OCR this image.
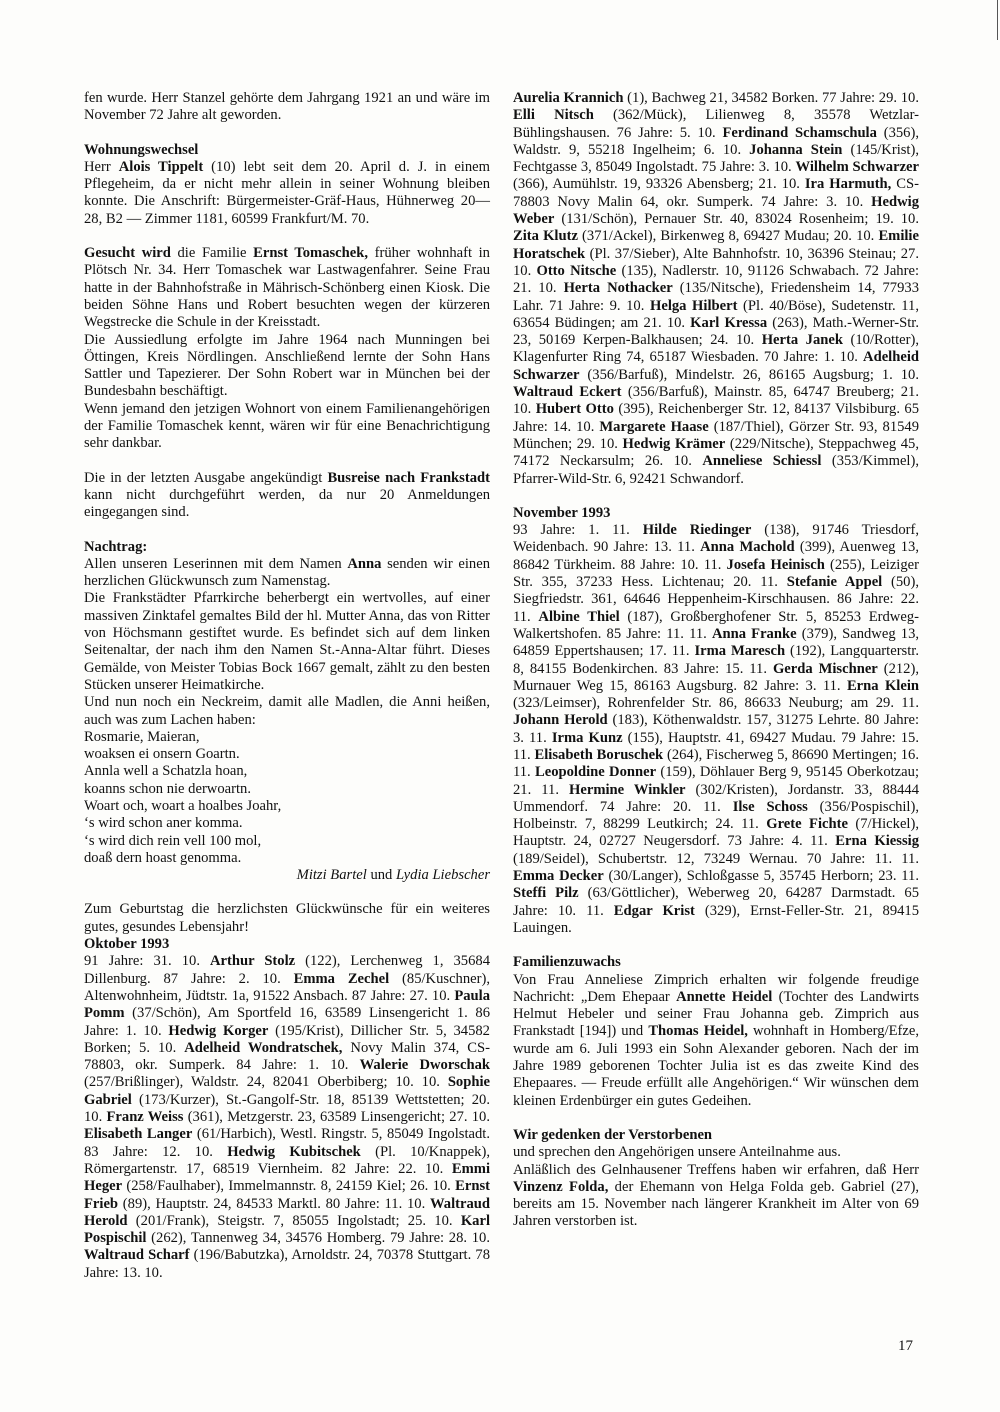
fen wurde. Herr Stanzel gehörte dem Jahrgang 1921 an und wäre im November 72 Jahre alt geworden.

Wohnungswechsel

Herr Alois Tippelt (10) lebt seit dem 20. April d. J. in einem Pflegeheim, da er nicht mehr allein in seiner Wohnung bleiben konnte. Die Anschrift: Bürgermeister-Gräf-Haus, Hühnerweg 20—28, B2 — Zimmer 1181, 60599 Frankfurt/M. 70.

Gesucht wird die Familie Ernst Tomaschek, früher wohnhaft in Plötsch Nr. 34. Herr Tomaschek war Lastwagenfahrer. Seine Frau hatte in der Bahnhofstraße in Mährisch-Schönberg einen Kiosk. Die beiden Söhne Hans und Robert besuchten wegen der kürzeren Wegstrecke die Schule in der Kreisstadt.

Die Aussiedlung erfolgte im Jahre 1964 nach Munningen bei Öttingen, Kreis Nördlingen. Anschließend lernte der Sohn Hans Sattler und Tapezierer. Der Sohn Robert war in München bei der Bundesbahn beschäftigt.

Wenn jemand den jetzigen Wohnort von einem Familienangehörigen der Familie Tomaschek kennt, wären wir für eine Benachrichtigung sehr dankbar.

Die in der letzten Ausgabe angekündigt Busreise nach Frankstadt kann nicht durchgeführt werden, da nur 20 Anmeldungen eingegangen sind.

Nachtrag:

Allen unseren Leserinnen mit dem Namen Anna senden wir einen herzlichen Glückwunsch zum Namenstag.

Die Frankstädter Pfarrkirche beherbergt ein wertvolles, auf einer massiven Zinktafel gemaltes Bild der hl. Mutter Anna, das von Ritter von Höchsmann gestiftet wurde. Es befindet sich auf dem linken Seitenaltar, der nach ihm den Namen St.-Anna-Altar führt. Dieses Gemälde, von Meister Tobias Bock 1667 gemalt, zählt zu den besten Stücken unserer Heimatkirche.

Und nun noch ein Neckreim, damit alle Madlen, die Anni heißen, auch was zum Lachen haben:

Rosmarie, Maieran,

woaksen ei onsern Goartn.

Annla well a Schatzla hoan,

koanns schon nie derwoartn.

Woart och, woart a hoalbes Joahr,

‘s wird schon aner komma.

‘s wird dich rein vell 100 mol,

doaß dern hoast genomma.

Mitzi Bartel und Lydia Liebscher

Zum Geburtstag die herzlichsten Glückwünsche für ein weiteres gutes, gesundes Lebensjahr!

Oktober 1993

91 Jahre: 31. 10. Arthur Stolz (122), Lerchenweg 1, 35684 Dillenburg. 87 Jahre: 2. 10. Emma Zechel (85/Kuschner), Altenwohnheim, Jüdtstr. 1a, 91522 Ansbach. 87 Jahre: 27. 10. Paula Pomm (37/Schön), Am Sportfeld 16, 63589 Linsengericht 1. 86 Jahre: 1. 10. Hedwig Korger (195/Krist), Dillicher Str. 5, 34582 Borken; 5. 10. Adelheid Wondratschek, Novy Malin 374, CS-78803, okr. Sumperk. 84 Jahre: 1. 10. Walerie Dworschak (257/Brißlinger), Waldstr. 24, 82041 Oberbiberg; 10. 10. Sophie Gabriel (173/Kurzer), St.-Gangolf-Str. 18, 85139 Wettstetten; 20. 10. Franz Weiss (361), Metzgerstr. 23, 63589 Linsengericht; 27. 10. Elisabeth Langer (61/Harbich), Westl. Ringstr. 5, 85049 Ingolstadt. 83 Jahre: 12. 10. Hedwig Kubitschek (Pl. 10/Knappek), Römergartenstr. 17, 68519 Viernheim. 82 Jahre: 22. 10. Emmi Heger (258/Faulhaber), Immelmannstr. 8, 24159 Kiel; 26. 10. Ernst Frieb (89), Hauptstr. 24, 84533 Marktl. 80 Jahre: 11. 10. Waltraud Herold (201/Frank), Steigstr. 7, 85055 Ingolstadt; 25. 10. Karl Pospischil (262), Tannenweg 34, 34576 Homberg. 79 Jahre: 28. 10. Waltraud Scharf (196/Babutzka), Arnoldstr. 24, 70378 Stuttgart. 78 Jahre: 13. 10.

Aurelia Krannich (1), Bachweg 21, 34582 Borken. 77 Jahre: 29. 10. Elli Nitsch (362/Mück), Lilienweg 8, 35578 Wetzlar-Bühlingshausen. 76 Jahre: 5. 10. Ferdinand Schamschula (356), Waldstr. 9, 55218 Ingelheim; 6. 10. Johanna Stein (145/Krist), Fechtgasse 3, 85049 Ingolstadt. 75 Jahre: 3. 10. Wilhelm Schwarzer (366), Aumühlstr. 19, 93326 Abensberg; 21. 10. Ira Harmuth, CS-78803 Novy Malin 64, okr. Sumperk. 74 Jahre: 3. 10. Hedwig Weber (131/Schön), Pernauer Str. 40, 83024 Rosenheim; 19. 10. Zita Klutz (371/Ackel), Birkenweg 8, 69427 Mudau; 20. 10. Emilie Horatschek (Pl. 37/Sieber), Alte Bahnhofstr. 10, 36396 Steinau; 27. 10. Otto Nitsche (135), Nadlerstr. 10, 91126 Schwabach. 72 Jahre: 21. 10. Herta Nothacker (135/Nitsche), Friedensheim 14, 77933 Lahr. 71 Jahre: 9. 10. Helga Hilbert (Pl. 40/Böse), Sudetenstr. 11, 63654 Büdingen; am 21. 10. Karl Kressa (263), Math.-Werner-Str. 23, 50169 Kerpen-Balkhausen; 24. 10. Herta Janek (10/Rotter), Klagenfurter Ring 74, 65187 Wiesbaden. 70 Jahre: 1. 10. Adelheid Schwarzer (356/Barfuß), Mindelstr. 26, 86165 Augsburg; 1. 10. Waltraud Eckert (356/Barfuß), Mainstr. 85, 64747 Breuberg; 21. 10. Hubert Otto (395), Reichenberger Str. 12, 84137 Vilsbiburg. 65 Jahre: 14. 10. Margarete Haase (187/Thiel), Görzer Str. 93, 81549 München; 29. 10. Hedwig Krämer (229/Nitsche), Steppachweg 45, 74172 Neckarsulm; 26. 10. Anneliese Schiessl (353/Kimmel), Pfarrer-Wild-Str. 6, 92421 Schwandorf.

November 1993

93 Jahre: 1. 11. Hilde Riedinger (138), 91746 Triesdorf, Weidenbach. 90 Jahre: 13. 11. Anna Machold (399), Auenweg 13, 86842 Türkheim. 88 Jahre: 10. 11. Josefa Heinisch (255), Leiziger Str. 355, 37233 Hess. Lichtenau; 20. 11. Stefanie Appel (50), Siegfriedstr. 361, 64646 Heppenheim-Kirschhausen. 86 Jahre: 22. 11. Albine Thiel (187), Großberghofener Str. 5, 85253 Erdweg-Walkertshofen. 85 Jahre: 11. 11. Anna Franke (379), Sandweg 13, 64859 Eppertshausen; 17. 11. Irma Maresch (192), Langquarterstr. 8, 84155 Bodenkirchen. 83 Jahre: 15. 11. Gerda Mischner (212), Murnauer Weg 15, 86163 Augsburg. 82 Jahre: 3. 11. Erna Klein (323/Leimser), Rohrenfelder Str. 86, 86633 Neuburg; am 29. 11. Johann Herold (183), Köthenwaldstr. 157, 31275 Lehrte. 80 Jahre: 3. 11. Irma Kunz (155), Hauptstr. 41, 69427 Mudau. 79 Jahre: 15. 11. Elisabeth Boruschek (264), Fischerweg 5, 86690 Mertingen; 16. 11. Leopoldine Donner (159), Döhlauer Berg 9, 95145 Oberkotzau; 21. 11. Hermine Winkler (302/Kristen), Jordanstr. 33, 88444 Ummendorf. 74 Jahre: 20. 11. Ilse Schoss (356/Pospischil), Holbeinstr. 7, 88299 Leutkirch; 24. 11. Grete Fichte (7/Hickel), Hauptstr. 24, 02727 Neugersdorf. 73 Jahre: 4. 11. Erna Kiessig (189/Seidel), Schubertstr. 12, 73249 Wernau. 70 Jahre: 11. 11. Emma Decker (30/Langer), Schloßgasse 5, 35745 Herborn; 23. 11. Steffi Pilz (63/Göttlicher), Weberweg 20, 64287 Darmstadt. 65 Jahre: 10. 11. Edgar Krist (329), Ernst-Feller-Str. 21, 89415 Lauingen.

Familienzuwachs

Von Frau Anneliese Zimprich erhalten wir folgende freudige Nachricht: „Dem Ehepaar Annette Heidel (Tochter des Landwirts Helmut Hebeler und seiner Frau Johanna geb. Zimprich aus Frankstadt [194]) und Thomas Heidel, wohnhaft in Homberg/Efze, wurde am 6. Juli 1993 ein Sohn Alexander geboren. Nach der im Jahre 1989 geborenen Tochter Julia ist es das zweite Kind des Ehepaares. — Freude erfüllt alle Angehörigen.“ Wir wünschen dem kleinen Erdenbürger ein gutes Gedeihen.

Wir gedenken der Verstorbenen

und sprechen den Angehörigen unsere Anteilnahme aus.

Anläßlich des Gelnhausener Treffens haben wir erfahren, daß Herr Vinzenz Folda, der Ehemann von Helga Folda geb. Gabriel (27), bereits am 15. November nach längerer Krankheit im Alter von 69 Jahren verstorben ist.

17
